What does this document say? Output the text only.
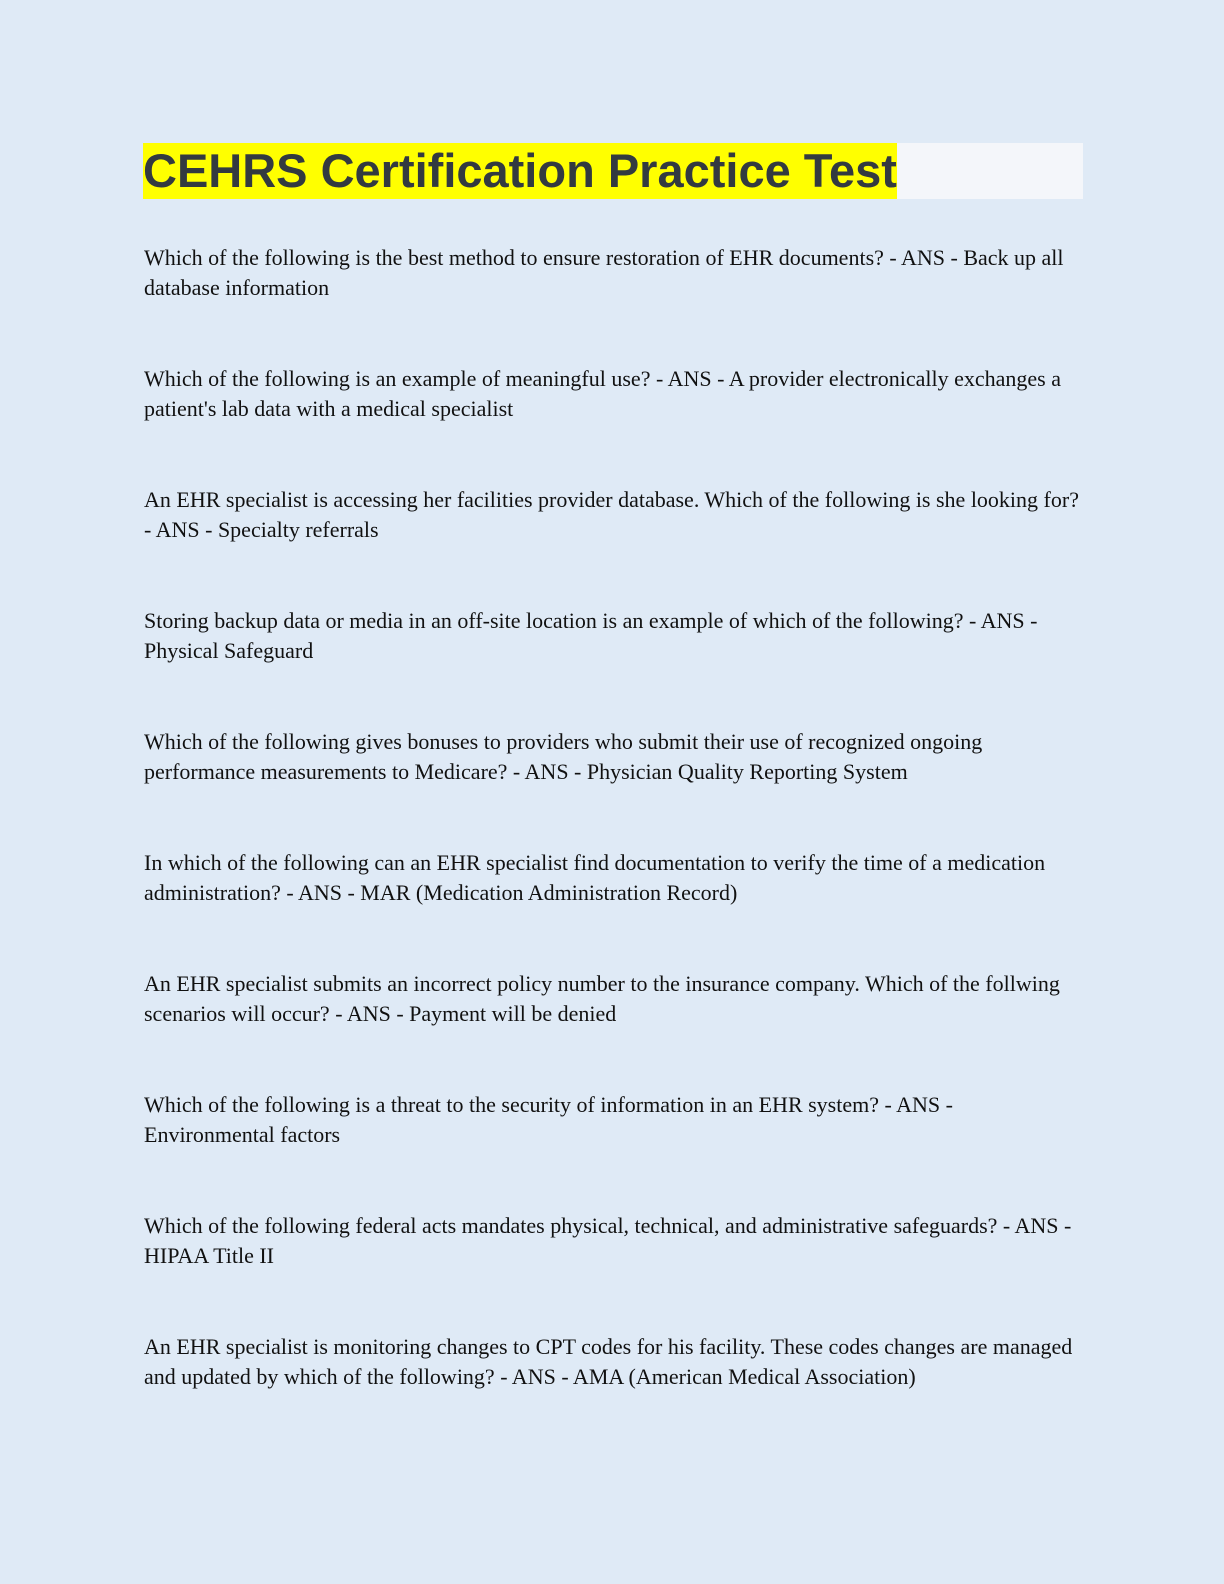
CEHRS Certification Practice Test
Which of the following is the best method to ensure restoration of EHR documents? - ANS - Back up all database information
Which of the following is an example of meaningful use? - ANS - A provider electronically exchanges a patient's lab data with a medical specialist
An EHR specialist is accessing her facilities provider database. Which of the following is she looking for? - ANS - Specialty referrals
Storing backup data or media in an off-site location is an example of which of the following? - ANS - Physical Safeguard
Which of the following gives bonuses to providers who submit their use of recognized ongoing performance measurements to Medicare? - ANS - Physician Quality Reporting System
In which of the following can an EHR specialist find documentation to verify the time of a medication administration? - ANS - MAR (Medication Administration Record)
An EHR specialist submits an incorrect policy number to the insurance company. Which of the follwing scenarios will occur? - ANS - Payment will be denied
Which of the following is a threat to the security of information in an EHR system? - ANS - Environmental factors
Which of the following federal acts mandates physical, technical, and administrative safeguards? - ANS - HIPAA Title II
An EHR specialist is monitoring changes to CPT codes for his facility. These codes changes are managed and updated by which of the following? - ANS - AMA (American Medical Association)
